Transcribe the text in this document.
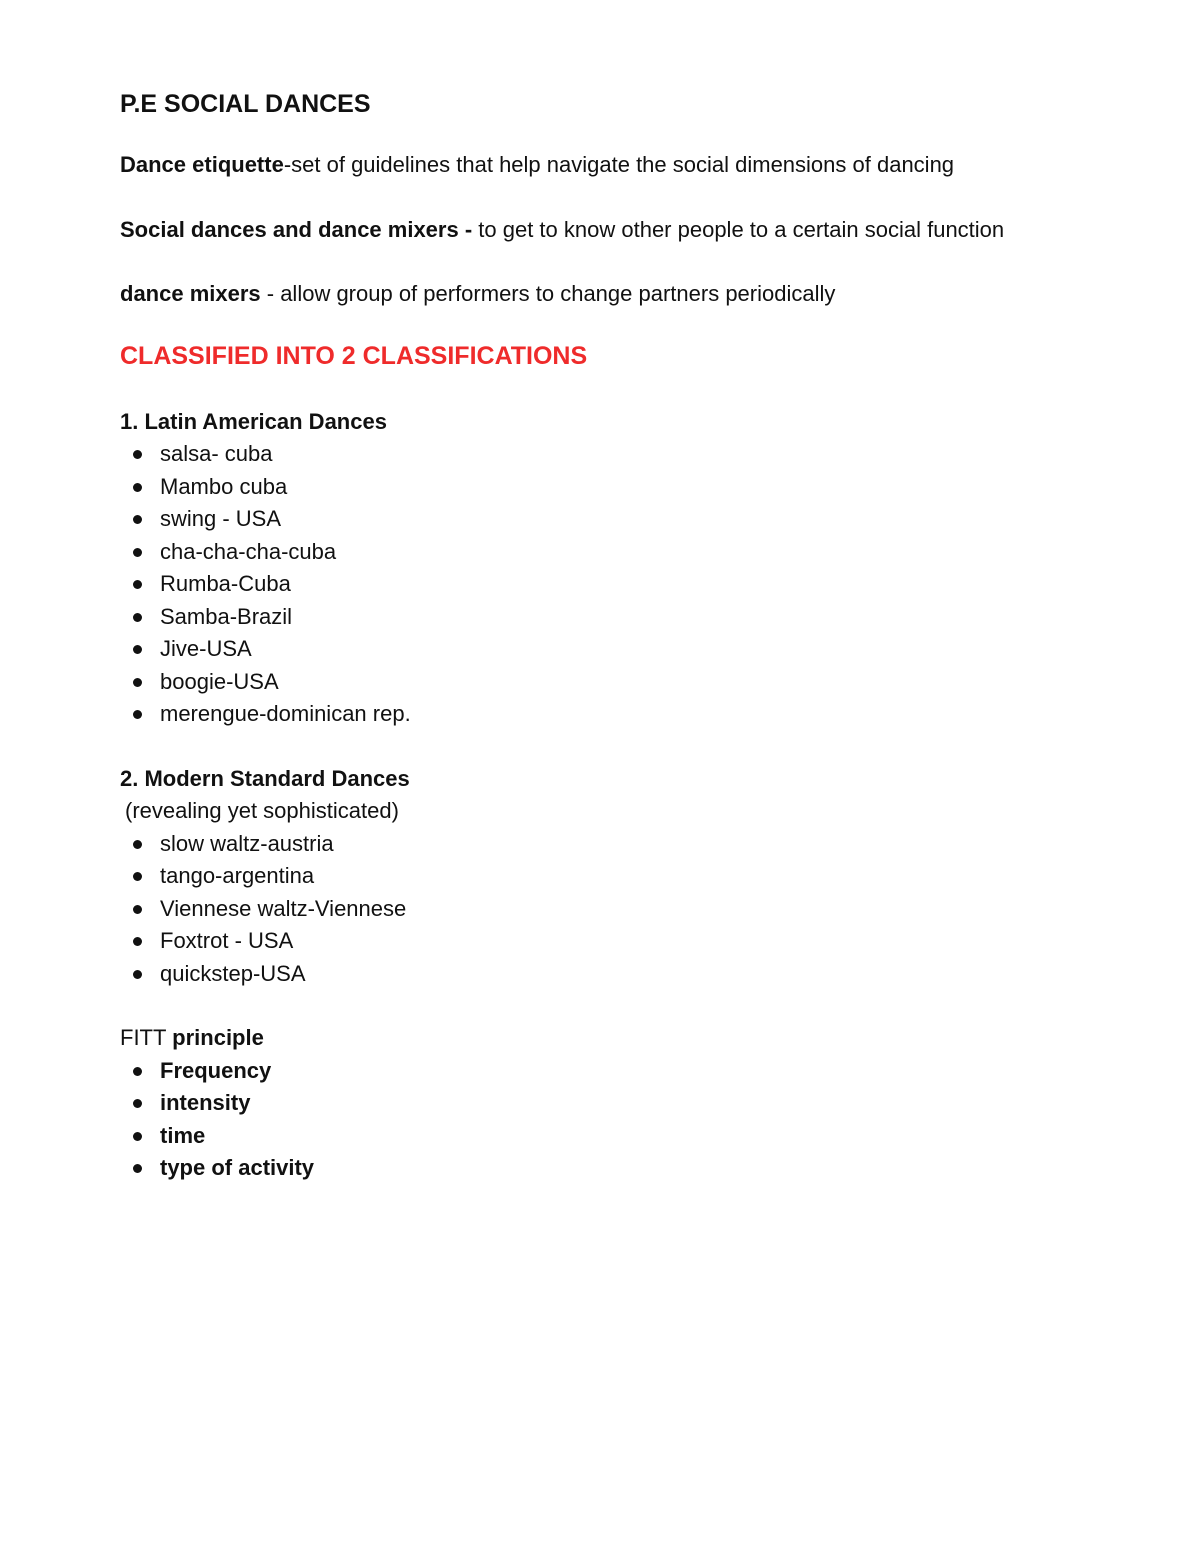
P.E SOCIAL DANCES

Dance etiquette-set of guidelines that help navigate the social dimensions of dancing

Social dances and dance mixers - to get to know other people to a certain social function

dance mixers - allow group of performers to change partners periodically

CLASSIFIED INTO 2 CLASSIFICATIONS

1. Latin American Dances

salsa- cuba
Mambo cuba
swing - USA
cha-cha-cha-cuba
Rumba-Cuba
Samba-Brazil
Jive-USA
boogie-USA
merengue-dominican rep.

2. Modern Standard Dances

(revealing yet sophisticated)

slow waltz-austria
tango-argentina
Viennese waltz-Viennese
Foxtrot - USA
quickstep-USA

FITT principle

Frequency
intensity
time
type of activity
